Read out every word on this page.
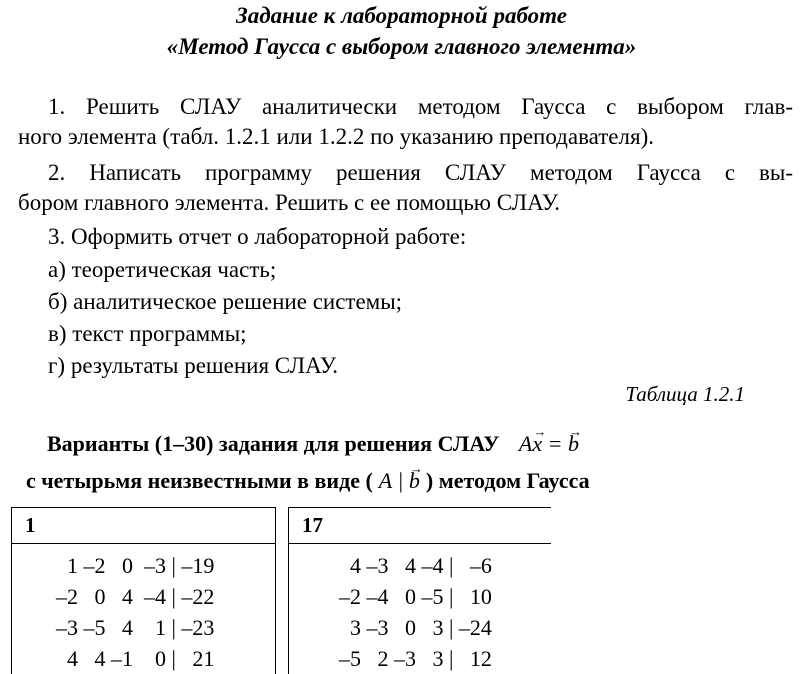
Задание к лабораторной работе
«Метод Гаусса с выбором главного элемента»
1. Решить СЛАУ аналитически методом Гаусса с выбором глав-
ного элемента (табл. 1.2.1 или 1.2.2 по указанию преподавателя).
2. Написать программу решения СЛАУ методом Гаусса с вы-
бором главного элемента. Решить с ее помощью СЛАУ.
3. Оформить отчет о лабораторной работе:
а) теоретическая часть;
б) аналитическое решение системы;
в) текст программы;
г) результаты решения СЛАУ.
Таблица 1.2.1
Варианты (1–30) задания для решения СЛАУ A→ x = → b
с четырьмя неизвестными в виде ( A | → b ) методом Гаусса
1
1 –2   0  –3 | –19
–2   0   4  –4 | –22
–3 –5   4    1 | –23
4   4 –1    0 |   21
17
4 –3   4 –4 |   –6
–2 –4   0 –5 |   10
3 –3   0   3 | –24
–5   2 –3   3 |   12
